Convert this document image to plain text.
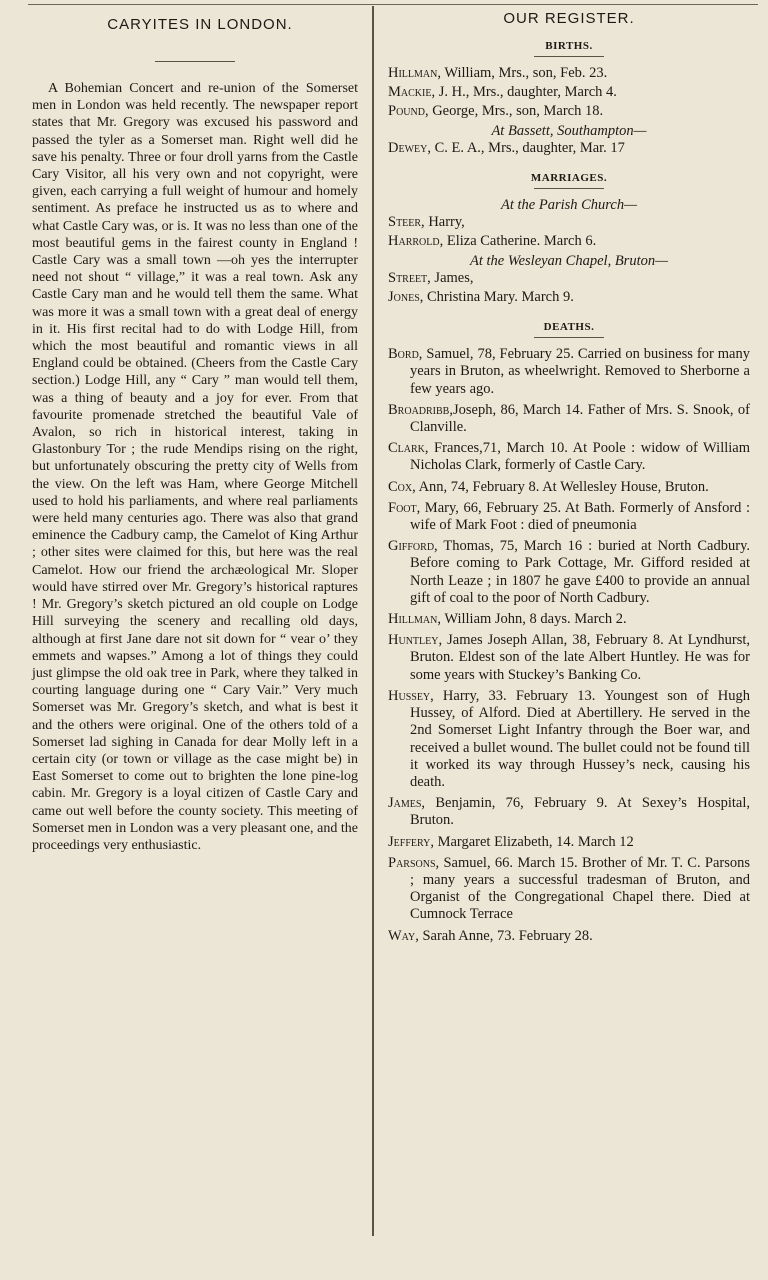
CARYITES IN LONDON.
A Bohemian Concert and re-union of the Somerset men in London was held recently. The newspaper report states that Mr. Gregory was excused his password and passed the tyler as a Somerset man. Right well did he save his penalty. Three or four droll yarns from the Castle Cary Visitor, all his very own and not copyright, were given, each carrying a full weight of humour and homely sentiment. As preface he instructed us as to where and what Castle Cary was, or is. It was no less than one of the most beautiful gems in the fairest county in England ! Castle Cary was a small town —oh yes the interrupter need not shout “ village,” it was a real town. Ask any Castle Cary man and he would tell them the same. What was more it was a small town with a great deal of energy in it. His first recital had to do with Lodge Hill, from which the most beautiful and romantic views in all England could be obtained. (Cheers from the Castle Cary section.) Lodge Hill, any “ Cary ” man would tell them, was a thing of beauty and a joy for ever. From that favourite promenade stretched the beautiful Vale of Avalon, so rich in historical interest, taking in Glastonbury Tor ; the rude Mendips rising on the right, but unfortunately obscuring the pretty city of Wells from the view. On the left was Ham, where George Mitchell used to hold his parliaments, and where real parliaments were held many centuries ago. There was also that grand eminence the Cadbury camp, the Camelot of King Arthur ; other sites were claimed for this, but here was the real Camelot. How our friend the archæological Mr. Sloper would have stirred over Mr. Gregory’s historical raptures ! Mr. Gregory’s sketch pictured an old couple on Lodge Hill surveying the scenery and recalling old days, although at first Jane dare not sit down for “ vear o’ they emmets and wapses.” Among a lot of things they could just glimpse the old oak tree in Park, where they talked in courting language during one “ Cary Vair.” Very much Somerset was Mr. Gregory’s sketch, and what is best it and the others were original. One of the others told of a Somerset lad sighing in Canada for dear Molly left in a certain city (or town or village as the case might be) in East Somerset to come out to brighten the lone pine-log cabin. Mr. Gregory is a loyal citizen of Castle Cary and came out well before the county society. This meeting of Somerset men in London was a very pleasant one, and the proceedings very enthusiastic.
OUR REGISTER.
BIRTHS.
Hillman, William, Mrs., son, Feb. 23.
Mackie, J. H., Mrs., daughter, March 4.
Pound, George, Mrs., son, March 18.
At Bassett, Southampton—
Dewey, C. E. A., Mrs., daughter, Mar. 17
MARRIAGES.
At the Parish Church—
Steer, Harry,
Harrold, Eliza Catherine. March 6.
At the Wesleyan Chapel, Bruton—
Street, James,
Jones, Christina Mary. March 9.
DEATHS.
Bord, Samuel, 78, February 25. Carried on business for many years in Bruton, as wheelwright. Removed to Sherborne a few years ago.
Broadribb,Joseph, 86, March 14. Father of Mrs. S. Snook, of Clanville.
Clark, Frances,71, March 10. At Poole : widow of William Nicholas Clark, formerly of Castle Cary.
Cox, Ann, 74, February 8. At Wellesley House, Bruton.
Foot, Mary, 66, February 25. At Bath. Formerly of Ansford : wife of Mark Foot : died of pneumonia
Gifford, Thomas, 75, March 16 : buried at North Cadbury. Before coming to Park Cottage, Mr. Gifford resided at North Leaze ; in 1807 he gave £400 to provide an annual gift of coal to the poor of North Cadbury.
Hillman, William John, 8 days. March 2.
Huntley, James Joseph Allan, 38, February 8. At Lyndhurst, Bruton. Eldest son of the late Albert Huntley. He was for some years with Stuckey’s Banking Co.
Hussey, Harry, 33. February 13. Youngest son of Hugh Hussey, of Alford. Died at Abertillery. He served in the 2nd Somerset Light Infantry through the Boer war, and received a bullet wound. The bullet could not be found till it worked its way through Hussey’s neck, causing his death.
James, Benjamin, 76, February 9. At Sexey’s Hospital, Bruton.
Jeffery, Margaret Elizabeth, 14. March 12
Parsons, Samuel, 66. March 15. Brother of Mr. T. C. Parsons ; many years a successful tradesman of Bruton, and Organist of the Congregational Chapel there. Died at Cumnock Terrace
Way, Sarah Anne, 73. February 28.
